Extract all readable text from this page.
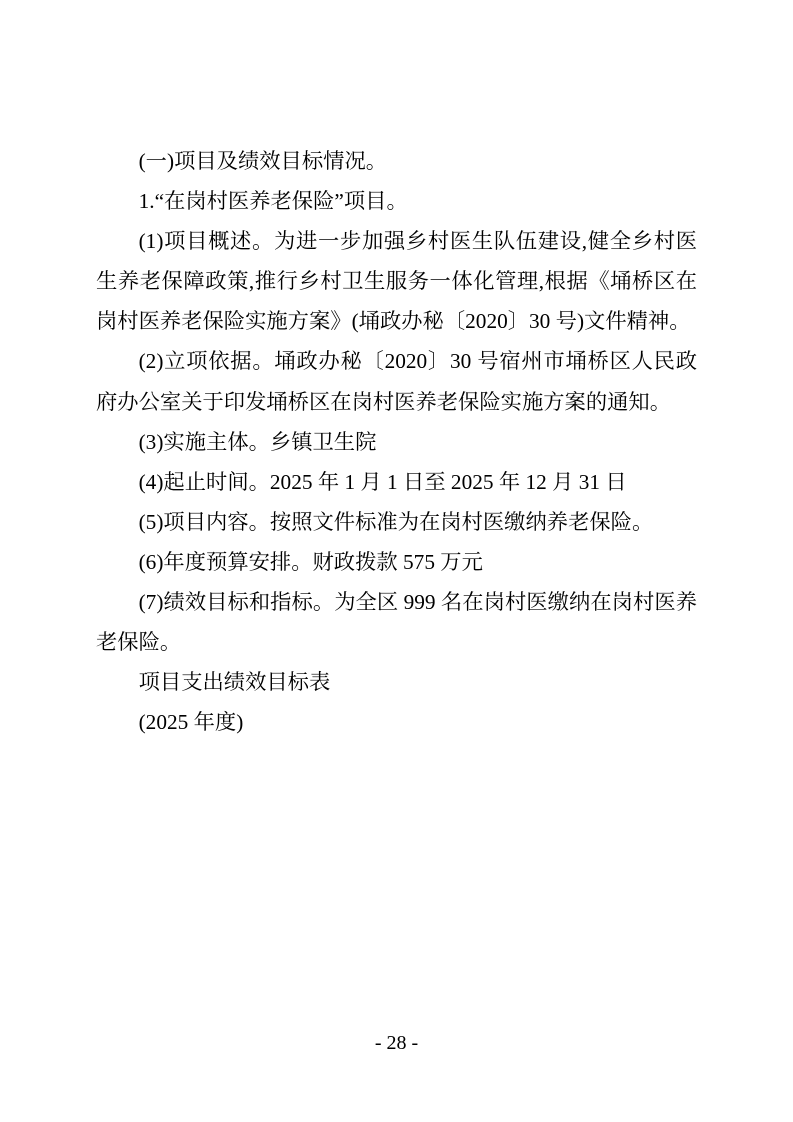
(一)项目及绩效目标情况。

1.“在岗村医养老保险”项目。

(1)项目概述。为进一步加强乡村医生队伍建设,健全乡村医生养老保障政策,推行乡村卫生服务一体化管理,根据《埇桥区在岗村医养老保险实施方案》(埇政办秘〔2020〕30 号)文件精神。

(2)立项依据。埇政办秘〔2020〕30 号宿州市埇桥区人民政府办公室关于印发埇桥区在岗村医养老保险实施方案的通知。

(3)实施主体。乡镇卫生院

(4)起止时间。2025 年 1 月 1 日至 2025 年 12 月 31 日

(5)项目内容。按照文件标准为在岗村医缴纳养老保险。

(6)年度预算安排。财政拨款 575 万元

(7)绩效目标和指标。为全区 999 名在岗村医缴纳在岗村医养老保险。

项目支出绩效目标表

(2025 年度)

- 28 -
